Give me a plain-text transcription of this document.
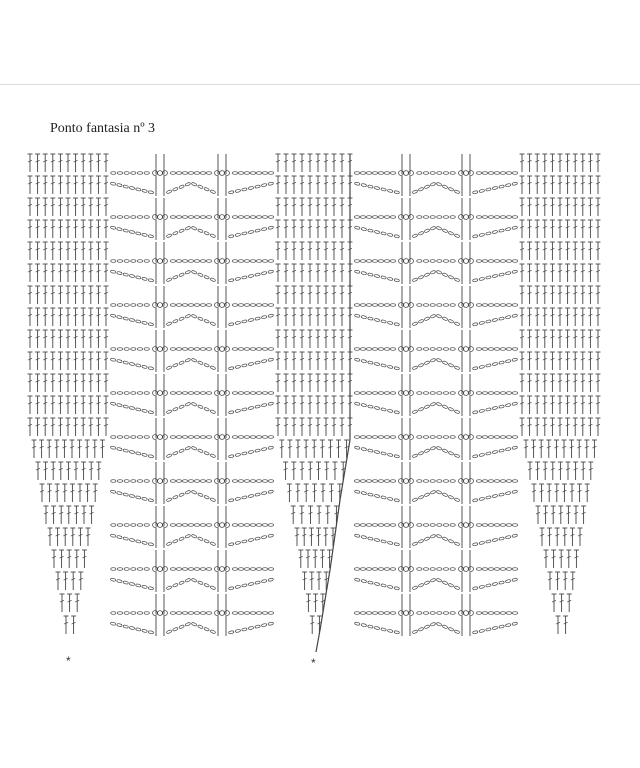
Ponto fantasia nº 3
*	*
